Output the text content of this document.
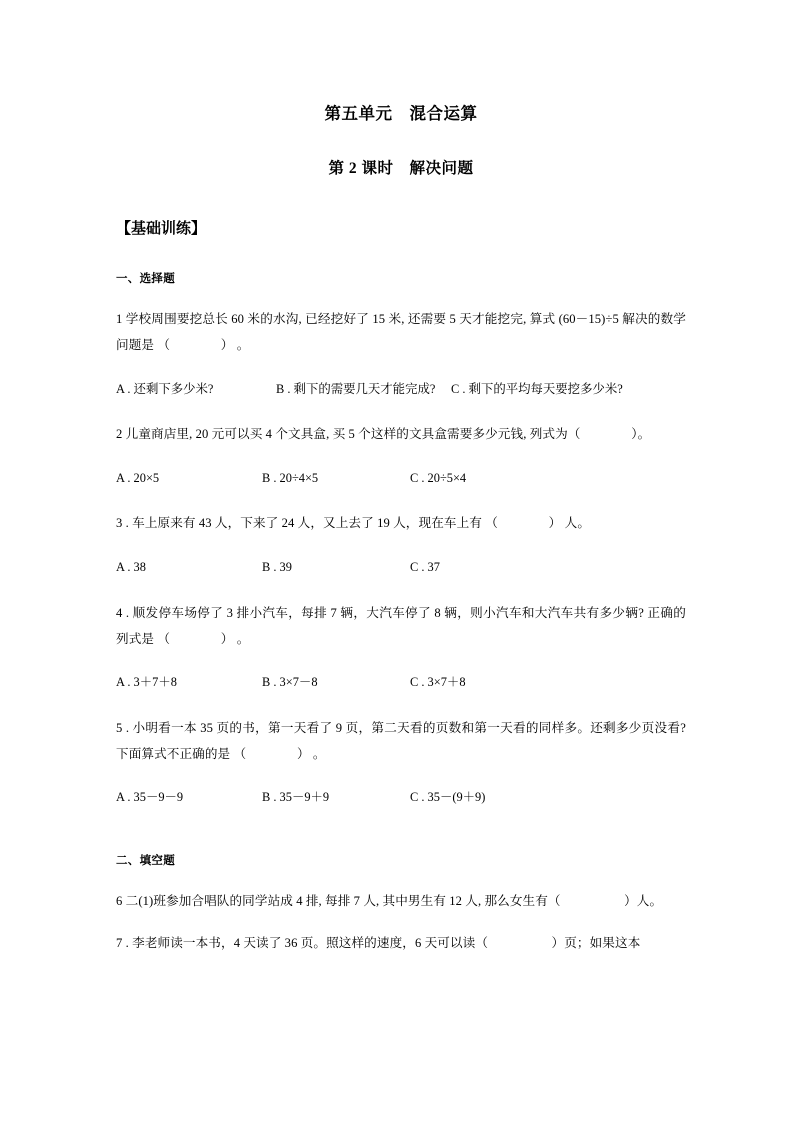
第五单元　混合运算
第 2 课时　解决问题
【基础训练】
一、选择题

1 学校周围要挖总长 60 米的水沟, 已经挖好了 15 米, 还需要 5 天才能挖完, 算式 (60－15)÷5 解决的数学问题是 （　　　　） 。

A . 还剩下多少米?	B . 剩下的需要几天才能完成? C . 剩下的平均每天要挖多少米?

2 儿童商店里, 20 元可以买 4 个文具盒, 买 5 个这样的文具盒需要多少元钱, 列式为（　　　　）。

A . 20×5	B . 20÷4×5	C . 20÷5×4

3 . 车上原来有 43 人，下来了 24 人，又上去了 19 人，现在车上有 （　　　　） 人。

A . 38	B . 39	C . 37

4 . 顺发停车场停了 3 排小汽车，每排 7 辆，大汽车停了 8 辆，则小汽车和大汽车共有多少辆? 正确的列式是 （　　　　） 。

A . 3＋7＋8	B . 3×7－8	C . 3×7＋8

5 . 小明看一本 35 页的书，第一天看了 9 页，第二天看的页数和第一天看的同样多。还剩多少页没看? 下面算式不正确的是 （　　　　） 。

A . 35－9－9	B . 35－9＋9	C . 35－(9＋9)
二、填空题

6 二(1)班参加合唱队的同学站成 4 排, 每排 7 人, 其中男生有 12 人, 那么女生有（　　　　　）人。

7 . 李老师读一本书，4 天读了 36 页。照这样的速度，6 天可以读（　　　　　）页；如果这本
